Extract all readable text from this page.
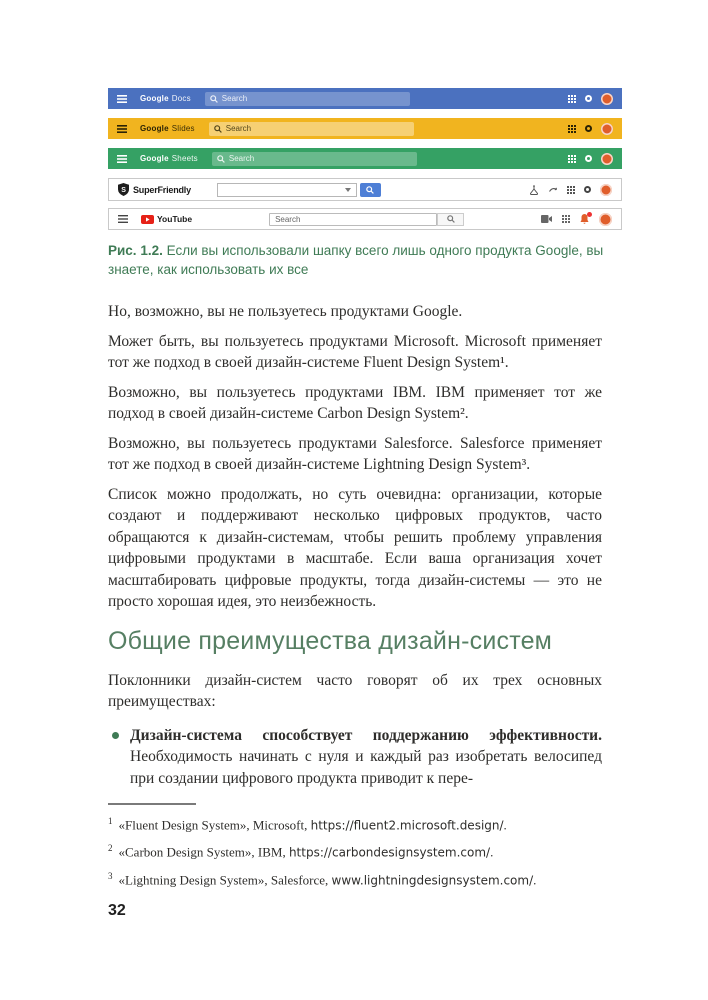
Google Docs	Search
Google Slides	Search
Google Sheets	Search
S SuperFriendly
YouTube	Search
Рис. 1.2. Если вы использовали шапку всего лишь одного продукта Google, вы знаете, как использовать их все

Но, возможно, вы не пользуетесь продуктами Google.

Может быть, вы пользуетесь продуктами Microsoft. Microsoft применяет тот же подход в своей дизайн-системе Fluent Design System¹.

Возможно, вы пользуетесь продуктами IBM. IBM применяет тот же подход в своей дизайн-системе Carbon Design System².

Возможно, вы пользуетесь продуктами Salesforce. Salesforce применяет тот же подход в своей дизайн-системе Lightning Design System³.

Список можно продолжать, но суть очевидна: организации, которые создают и поддерживают несколько цифровых продуктов, часто обращаются к дизайн-системам, чтобы решить проблему управления цифровыми продуктами в масштабе. Если ваша организация хочет масштабировать цифровые продукты, тогда дизайн-системы — это не просто хорошая идея, это неизбежность.

Общие преимущества дизайн-систем

Поклонники дизайн-систем часто говорят об их трех основных преимуществах:

Дизайн-система способствует поддержанию эффективности. Необходимость начинать с нуля и каждый раз изобретать велосипед при создании цифрового продукта приводит к пере-
$^1$ «Fluent Design System», Microsoft, https://fluent2.microsoft.design/.
$^2$ «Carbon Design System», IBM, https://carbondesignsystem.com/.
$^3$ «Lightning Design System», Salesforce, www.lightningdesignsystem.com/.
32
